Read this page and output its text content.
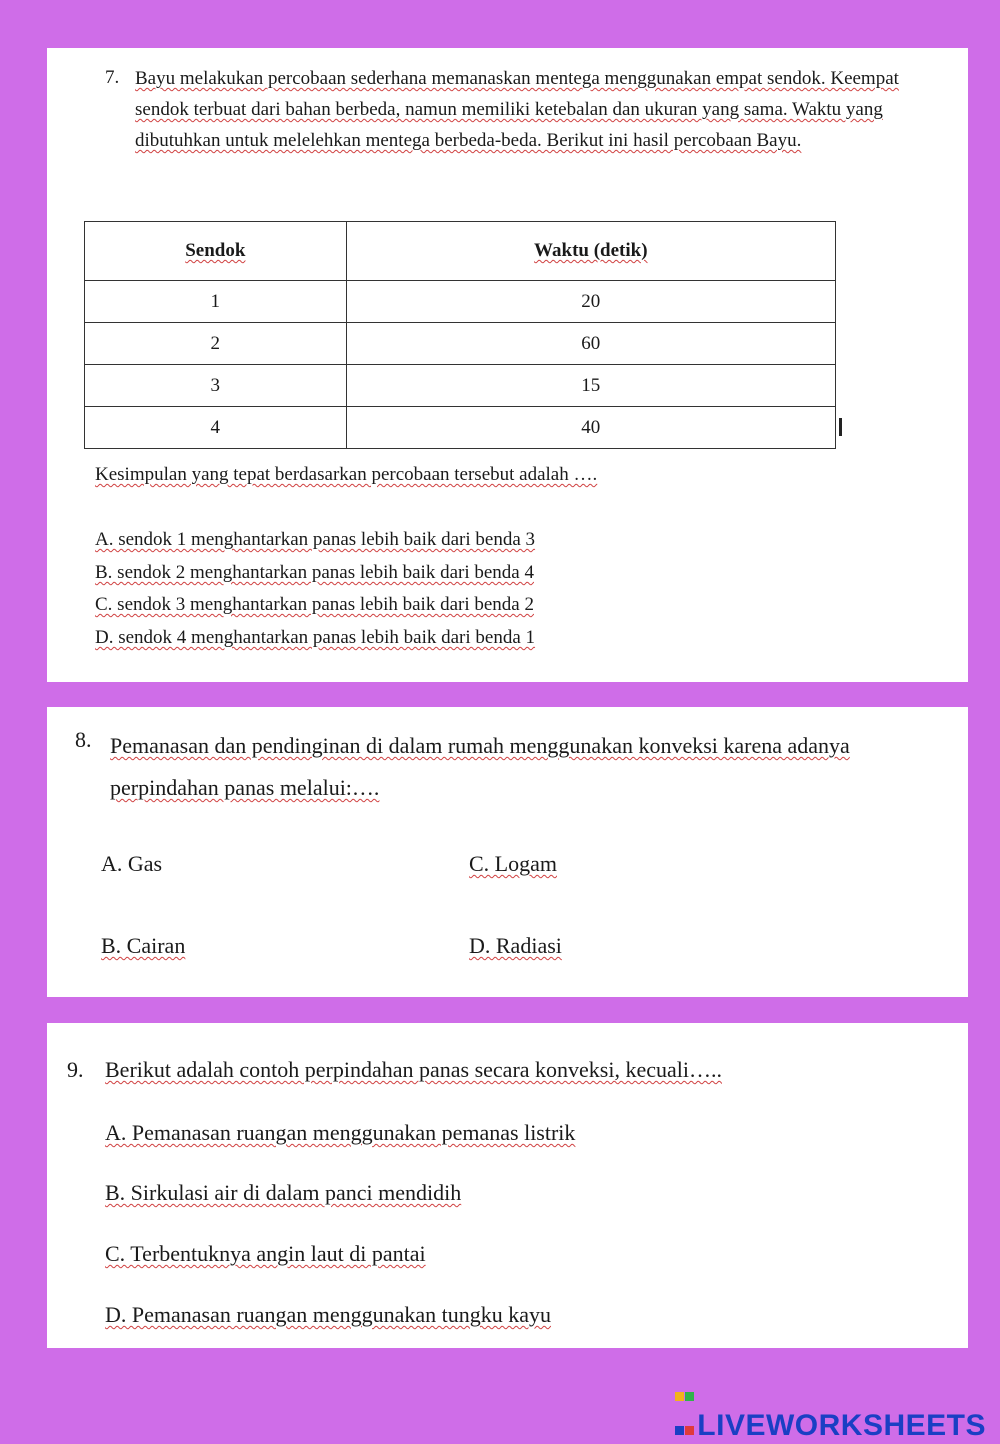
7. Bayu melakukan percobaan sederhana memanaskan mentega menggunakan empat sendok. Keempat sendok terbuat dari bahan berbeda, namun memiliki ketebalan dan ukuran yang sama. Waktu yang dibutuhkan untuk melelehkan mentega berbeda-beda. Berikut ini hasil percobaan Bayu.
Sendok	Waktu (detik)
1	20
2	60
3	15
4	40
Kesimpulan yang tepat berdasarkan percobaan tersebut adalah ….
A. sendok 1 menghantarkan panas lebih baik dari benda 3
B. sendok 2 menghantarkan panas lebih baik dari benda 4
C. sendok 3 menghantarkan panas lebih baik dari benda 2
D. sendok 4 menghantarkan panas lebih baik dari benda 1
8. Pemanasan dan pendinginan di dalam rumah menggunakan konveksi karena adanya perpindahan panas melalui:….
A. Gas	C. Logam
B. Cairan	D. Radiasi
9. Berikut adalah contoh perpindahan panas secara konveksi, kecuali…..
A. Pemanasan ruangan menggunakan pemanas listrik
B. Sirkulasi air di dalam panci mendidih
C. Terbentuknya angin laut di pantai
D. Pemanasan ruangan menggunakan tungku kayu
LIVEWORKSHEETS
